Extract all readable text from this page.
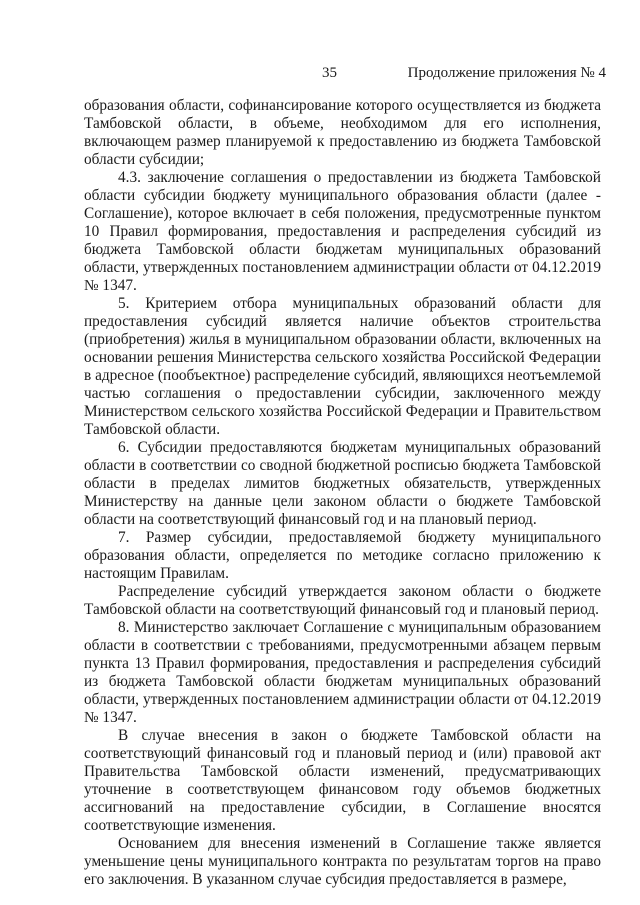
35	Продолжение приложения № 4

образования области, софинансирование которого осуществляется из бюджета Тамбовской области, в объеме, необходимом для его исполнения, включающем размер планируемой к предоставлению из бюджета Тамбовской области субсидии;

4.3. заключение соглашения о предоставлении из бюджета Тамбовской области субсидии бюджету муниципального образования области (далее - Соглашение), которое включает в себя положения, предусмотренные пунктом 10 Правил формирования, предоставления и распределения субсидий из бюджета Тамбовской области бюджетам муниципальных образований области, утвержденных постановлением администрации области от 04.12.2019 № 1347.

5. Критерием отбора муниципальных образований области для предоставления субсидий является наличие объектов строительства (приобретения) жилья в муниципальном образовании области, включенных на основании решения Министерства сельского хозяйства Российской Федерации в адресное (пообъектное) распределение субсидий, являющихся неотъемлемой частью соглашения о предоставлении субсидии, заключенного между Министерством сельского хозяйства Российской Федерации и Правительством Тамбовской области.

6. Субсидии предоставляются бюджетам муниципальных образований области в соответствии со сводной бюджетной росписью бюджета Тамбовской области в пределах лимитов бюджетных обязательств, утвержденных Министерству на данные цели законом области о бюджете Тамбовской области на соответствующий финансовый год и на плановый период.

7. Размер субсидии, предоставляемой бюджету муниципального образования области, определяется по методике согласно приложению к настоящим Правилам.

Распределение субсидий утверждается законом области о бюджете Тамбовской области на соответствующий финансовый год и плановый период.

8. Министерство заключает Соглашение с муниципальным образованием области в соответствии с требованиями, предусмотренными абзацем первым пункта 13 Правил формирования, предоставления и распределения субсидий из бюджета Тамбовской области бюджетам муниципальных образований области, утвержденных постановлением администрации области от 04.12.2019 № 1347.

В случае внесения в закон о бюджете Тамбовской области на соответствующий финансовый год и плановый период и (или) правовой акт Правительства Тамбовской области изменений, предусматривающих уточнение в соответствующем финансовом году объемов бюджетных ассигнований на предоставление субсидии, в Соглашение вносятся соответствующие изменения.

Основанием для внесения изменений в Соглашение также является уменьшение цены муниципального контракта по результатам торгов на право его заключения. В указанном случае субсидия предоставляется в размере,
